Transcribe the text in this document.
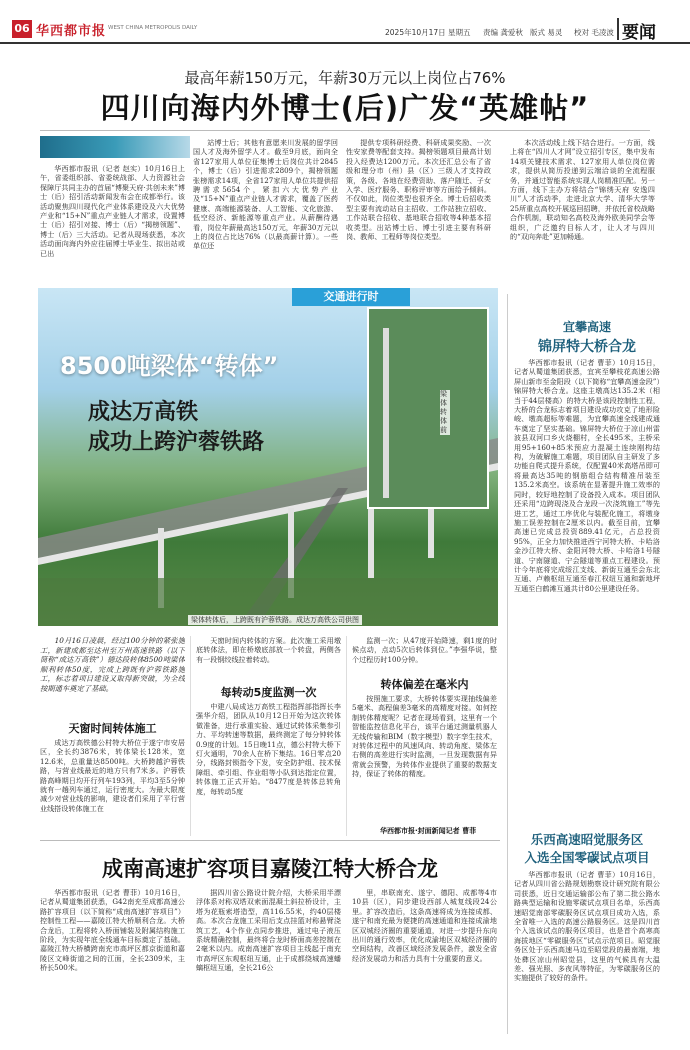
06 华西都市报 WEST CHINA METROPOLIS DAILY	2025年10月17日 星期五 责编 龚爱秋 版式 易灵 校对 毛凌波 要闻
最高年薪150万元，年薪30万元以上岗位占76%
四川向海内外博士(后)广发“英雄帖”

华西都市报讯（记者 赵实）10月16日上午，省委组织部、省委统战部、人力资源社会保障厅共同主办的首届“博聚天府·共创未来”博士（后）招引活动新闻发布会在成都举行。该活动聚焦四川现代化产业体系建设及六大优势产业和“15+N”重点产业链人才需求，设置博士（后）招引对接、博士（后）“揭榜领题”、博士（后）三大活动。记者从现场获悉，本次活动面向海内外应往届博士毕业生、拟出站或已出

站博士后；其他有意愿来川发展的留学回国人才及海外留学人才。截至9月底，面向全省127家用人单位征集博士后岗位共计2845个，博士（后）引进需求2809个，揭榜领题张榜需求14项，全省127家用人单位共提供招聘需求5654个，紧扣六大优势产业及“15+N”重点产业链人才需求，覆盖了医药健康、高端能源装备、人工智能、文化旅游、低空经济、新能源等重点产业。从薪酬待遇看，岗位年薪最高达150万元，年薪30万元以上的岗位占比达76%（以最高薪计算）。一些单位还

提供专项科研经费、科研成果奖励、一次性安家费等配套支持。揭榜领题项目最高计划投入经费达1200万元。本次还汇总公布了省级和理分市（州）县（区）三级人才支持政策，各级、各地在经费资助、落户随迁、子女入学、医疗服务、职称评审等方面给予倾斜。不仅如此，岗位类型也很齐全。博士后招收类型主要有流动站自主招收、工作站独立招收、工作站联合招收、基地联合招收等4种基本招收类型。出站博士后、博士引进主要有科研岗、教师、工程师等岗位类型。

本次活动线上线下结合进行。一方面，线上将在“四川人才网”设立招引专区，集中发布14项关键技术需求、127家用人单位岗位需求，提供从简历投递到云端洽谈的全流程服务，并通过智能系统实现人岗精准匹配。另一方面，线下主办方将结合“锦绣天府 安逸四川”人才活动季，走进北京大学、清华大学等25所重点高校开展巡回招聘，并依托省校战略合作机制，联动知名高校及海外欧美同学会等组织，广泛邀约目标人才，让人才与四川的“双向奔赴”更加畅通。

交通进行时
8500吨梁体“转体”
成达万高铁
成功上跨沪蓉铁路
梁体转体前
梁体转体后，上跨既有沪蓉铁路。成达万高铁公司供图

10月16日凌晨，经过100分钟的紧张施工，新建成都至达州至万州高速铁路（以下简称“成达万高铁”）德达段转体8500吨梁体顺利转体50度，完成上跨既有沪蓉铁路施工，标志着项目建设又取得新突破，为全线按期通车奠定了基础。

天窗时间转体施工

成达万高铁德公村特大桥位于遂宁市安居区，全长约3876米，转体梁长128米，宽12.6米，总重量达8500吨。大桥跨越沪蓉铁路，与营业线最近的地方只有7米多。沪蓉铁路高峰期日均开行列车193列，平均3至5分钟就有一趟列车通过，运行密度大。为最大限度减少对营业线的影响，建设者们采用了平行营业线搭设转体施工在

天窗时间内转体的方案。此次施工采用墩底转体法，即在桥墩底部放一个转盘，两侧各有一段钢绞线拉着转动。

每转动5度监测一次

中建八局成达万高铁工程指挥部指挥长李强华介绍，团队从10月12日开始为这次转体做准备，进行承重实验、通过试转体采集参引力、平均转速等数据，最终测定了每分钟转体0.9度的计划。15日晚11点，德公村特大桥下灯火通明，70余人在桥下集结。16日零点20分，线路封锁指令下发，安全防护组、技术保障组、牵引组、作业组等小队到达指定位置，转体施工正式开始。“8477度是转体总转角度，每转动5度

监测一次；从47度开始降速，剩1度的时候点动，点动5次后转体到位。”李强华说，整个过程历时100分钟。

转体偏差在毫米内

按照施工要求，大桥转体要实现抽线偏差5毫米、高程偏差3毫米的高精度对接。如何控制转体精度呢？记者在现场看到，这里有一个智能监控信息化平台，该平台通过测量机器人无线传输和BIM（数字模型）数字孪生技术，对转体过程中的风速风向、转动角度、梁体左右侧的高差进行实时监测，一旦发现数据有异常就会预警，为转体作业提供了重要的数据支持，保证了转体的精度。

华西都市报·封面新闻记者 曹菲
宜攀高速
锦屏特大桥合龙

华西都市报讯（记者 曹菲）10月15日，记者从蜀道集团获悉，宜宾至攀枝花高速公路屏山新市至金阳段（以下简称“宜攀高速金段”）锦屏特大桥合龙。这座主墩高达135.2米（相当于44层楼高）的特大桥是该段控制性工程，大桥的合龙标志着项目建设成功攻克了地形险峻、墩高超标等难题，为宜攀高速全线建成通车奠定了坚实基础。锦屏特大桥位于凉山州雷波县双河口乡火烧棚村，全长495米，主桥采用95+160+85米预应力混凝土连续刚构结构，为破解施工难题，项目团队自主研发了多功能自爬式提升系统，仅配置40米高塔吊即可将最高达35吨的钢筋组合结构精准吊装至135.2米高空。该系统在显著提升施工效率的同时，较好地控制了设备投入成本。项目团队还采用“边跨现浇及合龙段一次浇筑施工”等先进工艺，通过工序优化与装配化施工，将墩身施工误差控制在2厘米以内。截至目前，宜攀高速已完成总投资889.41亿元，占总投资95%，正全力加快推进西宁河特大桥、卡哈洛金沙江特大桥、金阳河特大桥、卡哈洛1号隧道、宁南隧道、宁会隧道等重点工程建设。预计今年底将完成绥江支线、新街互通至会东北互通、卢赖枢纽互通至春江权纽互通和新地坪互通至白鹤滩互通共计80公里建设任务。

乐西高速昭觉服务区
入选全国零碳试点项目

华西都市报讯（记者 曹菲）10月16日，记者从四川省公路规划勘察设计研究院有限公司获悉，近日交通运输部公布了第二批公路水路典型运输和设施零碳试点项目名单，乐西高速昭觉南部零碳服务区试点项目成功入选，系全省唯一入选的高速公路服务区。这是四川首个入选该试点的服务区项目，也是首个高寒高海拔地区“零碳服务区”试点示范项目。昭觉服务区处于乐西高速马边至昭觉段的最南端，地处彝区凉山州昭觉县，这里的气候具有大温差、强光照、多夜风等特征，为零碳服务区的实施提供了较好的条件。

成南高速扩容项目嘉陵江特大桥合龙

华西都市报讯（记者 曹菲）10月16日，记者从蜀道集团获悉，G42南充至成都高速公路扩容项目（以下简称“成南高速扩容项目”）控制性工程——嘉陵江特大桥顺利合龙。大桥合龙后，工程将转入桥面铺装及附属结构施工阶段，为实现年底全线通车目标奠定了基础。嘉陵江特大桥横跨南充市高坪区都京街道和嘉陵区文峰街道之间的江面，全长2309米，主桥长500米。

据四川省公路设计院介绍，大桥采用半漂浮体系对称双塔双索面混凝土斜拉桥设计，主塔为花瓶索塔造型，高116.55米，约40层楼高。本次合龙施工采用后支点挂篮对称悬臂浇筑工艺，4个作业点同步推进，通过电子液压系统精确控制，最终将合龙时桥面高差控制在2毫米以内。成南高速扩容项目主线起于南充市高坪区东观枢纽互通，止于成都绕城高速蟠螭枢纽互通，全长216公

里，串联南充、遂宁、德阳、成都等4市10县（区），同步建设西部人城复线段24公里。扩容改造后，这条高速将成为连接成都、遂宁和南充最为便捷的高速通道和连接成渝地区双城经济圈的重要通道，对进一步提升东向出川的通行效率，优化成渝地区双城经济圈的空间结构，改善区域经济发展条件，激发全省经济发展动力和活力具有十分重要的意义。
